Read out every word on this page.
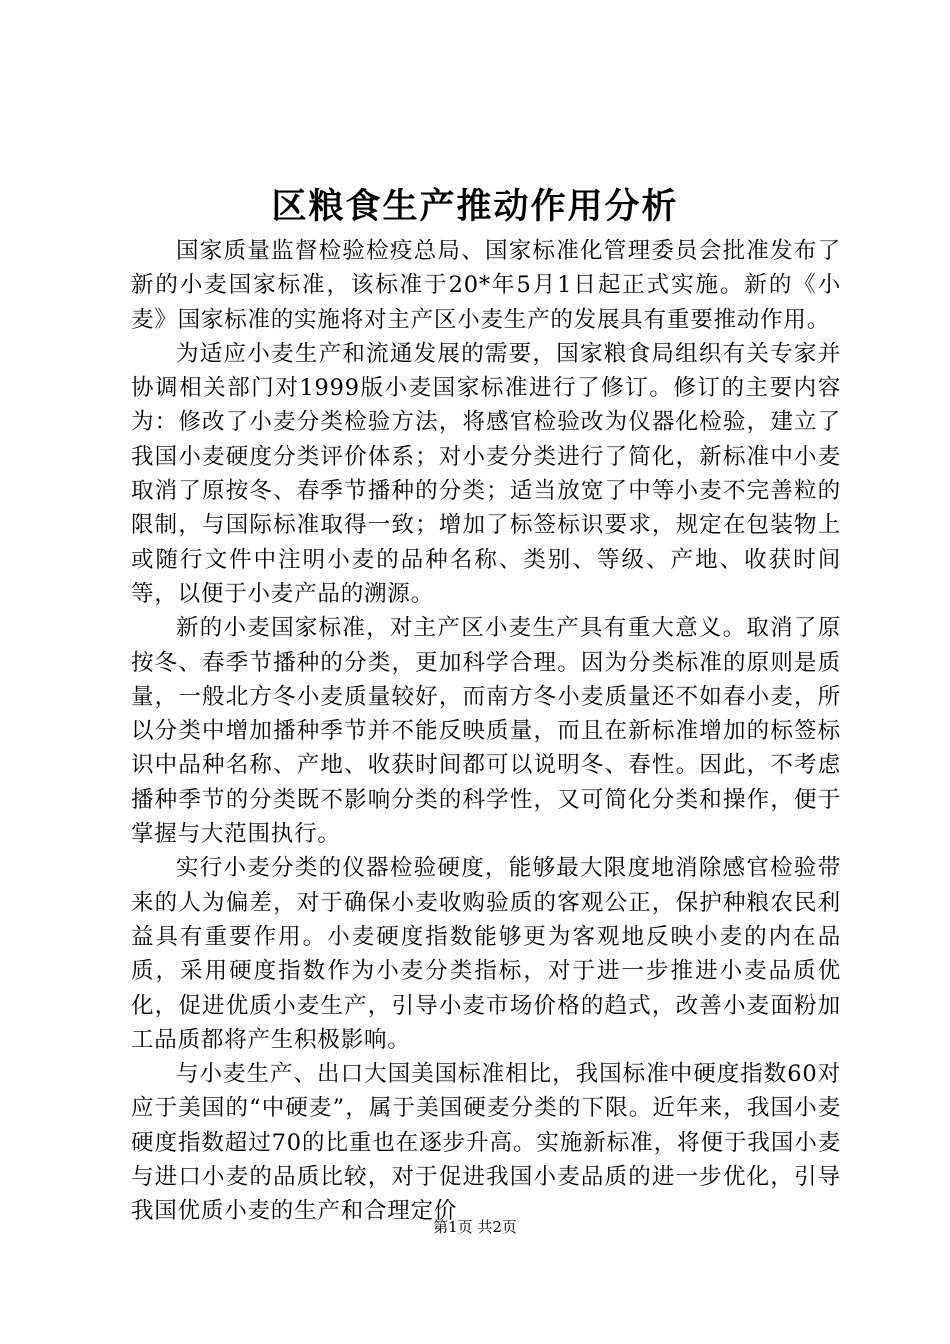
区粮食生产推动作用分析

国家质量监督检验检疫总局、国家标准化管理委员会批准发布了新的小麦国家标准，该标准于20*年5月1日起正式实施。新的《小麦》国家标准的实施将对主产区小麦生产的发展具有重要推动作用。

为适应小麦生产和流通发展的需要，国家粮食局组织有关专家并协调相关部门对1999版小麦国家标准进行了修订。修订的主要内容为：修改了小麦分类检验方法，将感官检验改为仪器化检验，建立了我国小麦硬度分类评价体系；对小麦分类进行了简化，新标准中小麦取消了原按冬、春季节播种的分类；适当放宽了中等小麦不完善粒的限制，与国际标准取得一致；增加了标签标识要求，规定在包装物上或随行文件中注明小麦的品种名称、类别、等级、产地、收获时间等，以便于小麦产品的溯源。

新的小麦国家标准，对主产区小麦生产具有重大意义。取消了原按冬、春季节播种的分类，更加科学合理。因为分类标准的原则是质量，一般北方冬小麦质量较好，而南方冬小麦质量还不如春小麦，所以分类中增加播种季节并不能反映质量，而且在新标准增加的标签标识中品种名称、产地、收获时间都可以说明冬、春性。因此，不考虑播种季节的分类既不影响分类的科学性，又可简化分类和操作，便于掌握与大范围执行。

实行小麦分类的仪器检验硬度，能够最大限度地消除感官检验带来的人为偏差，对于确保小麦收购验质的客观公正，保护种粮农民利益具有重要作用。小麦硬度指数能够更为客观地反映小麦的内在品质，采用硬度指数作为小麦分类指标，对于进一步推进小麦品质优化，促进优质小麦生产，引导小麦市场价格的趋式，改善小麦面粉加工品质都将产生积极影响。

与小麦生产、出口大国美国标准相比，我国标准中硬度指数60对应于美国的“中硬麦”，属于美国硬麦分类的下限。近年来，我国小麦硬度指数超过70的比重也在逐步升高。实施新标准，将便于我国小麦与进口小麦的品质比较，对于促进我国小麦品质的进一步优化，引导我国优质小麦的生产和合理定价

第1页 共2页
